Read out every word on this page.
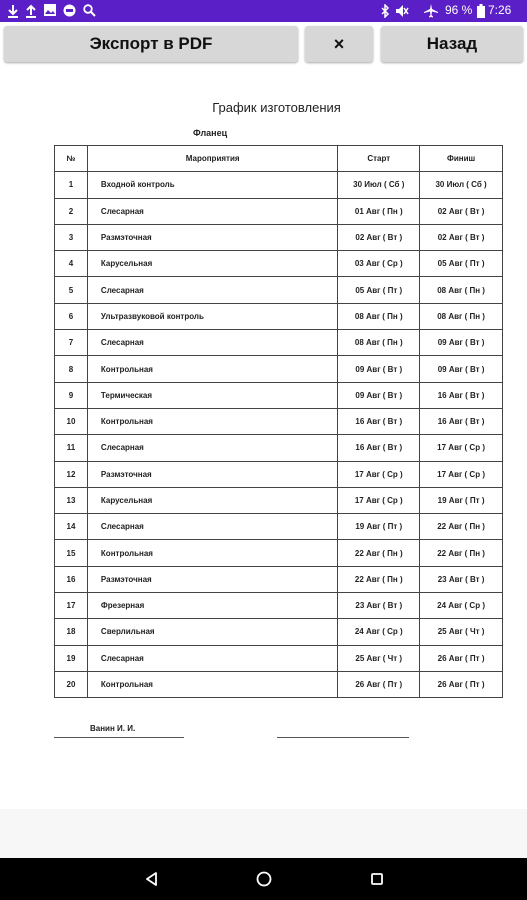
96 % 7:26
Экспорт в PDF	×	Назад
График изготовления
Фланец
№	Мароприятия	Старт	Финиш
1	Входной контроль	30 Июл ( Сб )	30 Июл ( Сб )
2	Слесарная	01 Авг ( Пн )	02 Авг ( Вт )
3	Размэточная	02 Авг ( Вт )	02 Авг ( Вт )
4	Карусельная	03 Авг ( Ср )	05 Авг ( Пт )
5	Слесарная	05 Авг ( Пт )	08 Авг ( Пн )
6	Ультразвуковой контроль	08 Авг ( Пн )	08 Авг ( Пн )
7	Слесарная	08 Авг ( Пн )	09 Авг ( Вт )
8	Контрольная	09 Авг ( Вт )	09 Авг ( Вт )
9	Термическая	09 Авг ( Вт )	16 Авг ( Вт )
10	Контрольная	16 Авг ( Вт )	16 Авг ( Вт )
11	Слесарная	16 Авг ( Вт )	17 Авг ( Ср )
12	Размэточная	17 Авг ( Ср )	17 Авг ( Ср )
13	Карусельная	17 Авг ( Ср )	19 Авг ( Пт )
14	Слесарная	19 Авг ( Пт )	22 Авг ( Пн )
15	Контрольная	22 Авг ( Пн )	22 Авг ( Пн )
16	Размэточная	22 Авг ( Пн )	23 Авг ( Вт )
17	Фрезерная	23 Авг ( Вт )	24 Авг ( Ср )
18	Сверлильная	24 Авг ( Ср )	25 Авг ( Чт )
19	Слесарная	25 Авг ( Чт )	26 Авг ( Пт )
20	Контрольная	26 Авг ( Пт )	26 Авг ( Пт )
Ванин И. И.
